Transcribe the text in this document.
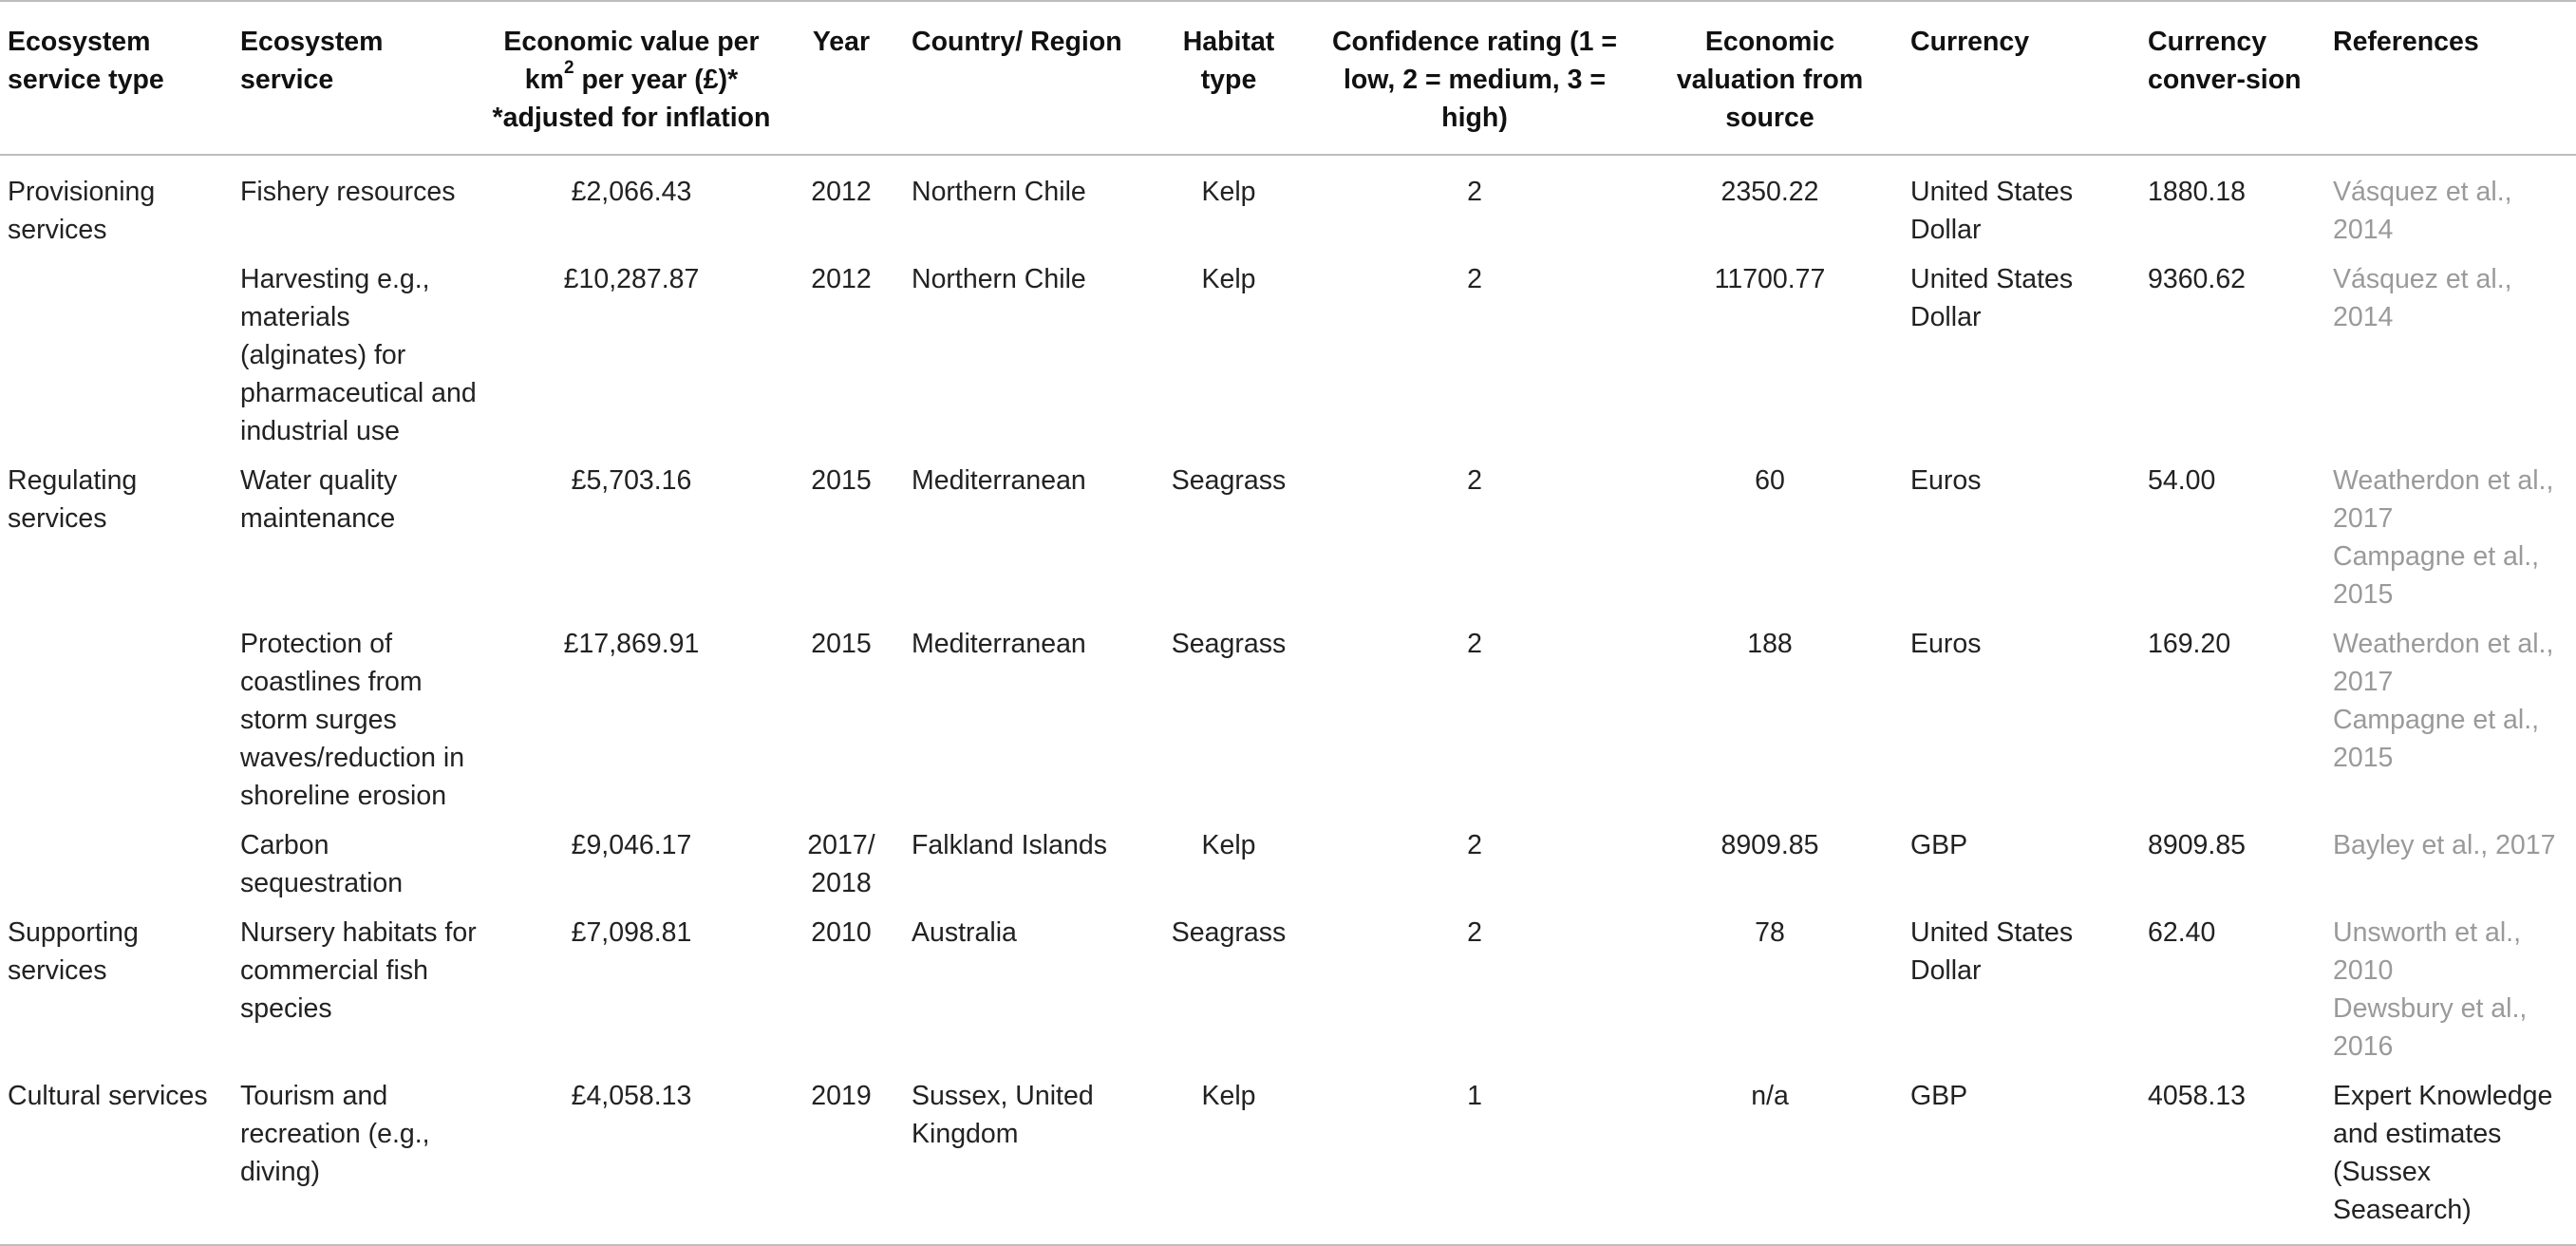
Ecosystem service type	Ecosystem service	Economic value per $km^2$ per year (£)* *adjusted for inflation	Year	Country/ Region	Habitat type	Confidence rating (1 = low, 2 = medium, 3 = high)	Economic valuation from source	Currency	Currency conver-sion	References
Provisioning services	Fishery resources	£2,066.43	2012	Northern Chile	Kelp	2	2350.22	United States Dollar	1880.18	Vásquez et al., 2014

	Harvesting e.g., materials (alginates) for pharmaceutical and industrial use	£10,287.87	2012	Northern Chile	Kelp	2	11700.77	United States Dollar	9360.62	Vásquez et al., 2014

Regulating services	Water quality maintenance	£5,703.16	2015	Mediterranean	Seagrass	2	60	Euros	54.00	Weatherdon et al., 2017
Campagne et al., 2015

	Protection of coastlines from storm surges waves/reduction in shoreline erosion	£17,869.91	2015	Mediterranean	Seagrass	2	188	Euros	169.20	Weatherdon et al., 2017
Campagne et al., 2015

	Carbon sequestration	£9,046.17	2017/ 2018	Falkland Islands	Kelp	2	8909.85	GBP	8909.85	Bayley et al., 2017

Supporting services	Nursery habitats for commercial fish species	£7,098.81	2010	Australia	Seagrass	2	78	United States Dollar	62.40	Unsworth et al., 2010
Dewsbury et al., 2016

Cultural services	Tourism and recreation (e.g., diving)	£4,058.13	2019	Sussex, United Kingdom	Kelp	1	n/a	GBP	4058.13	Expert Knowledge and estimates (Sussex Seasearch)
